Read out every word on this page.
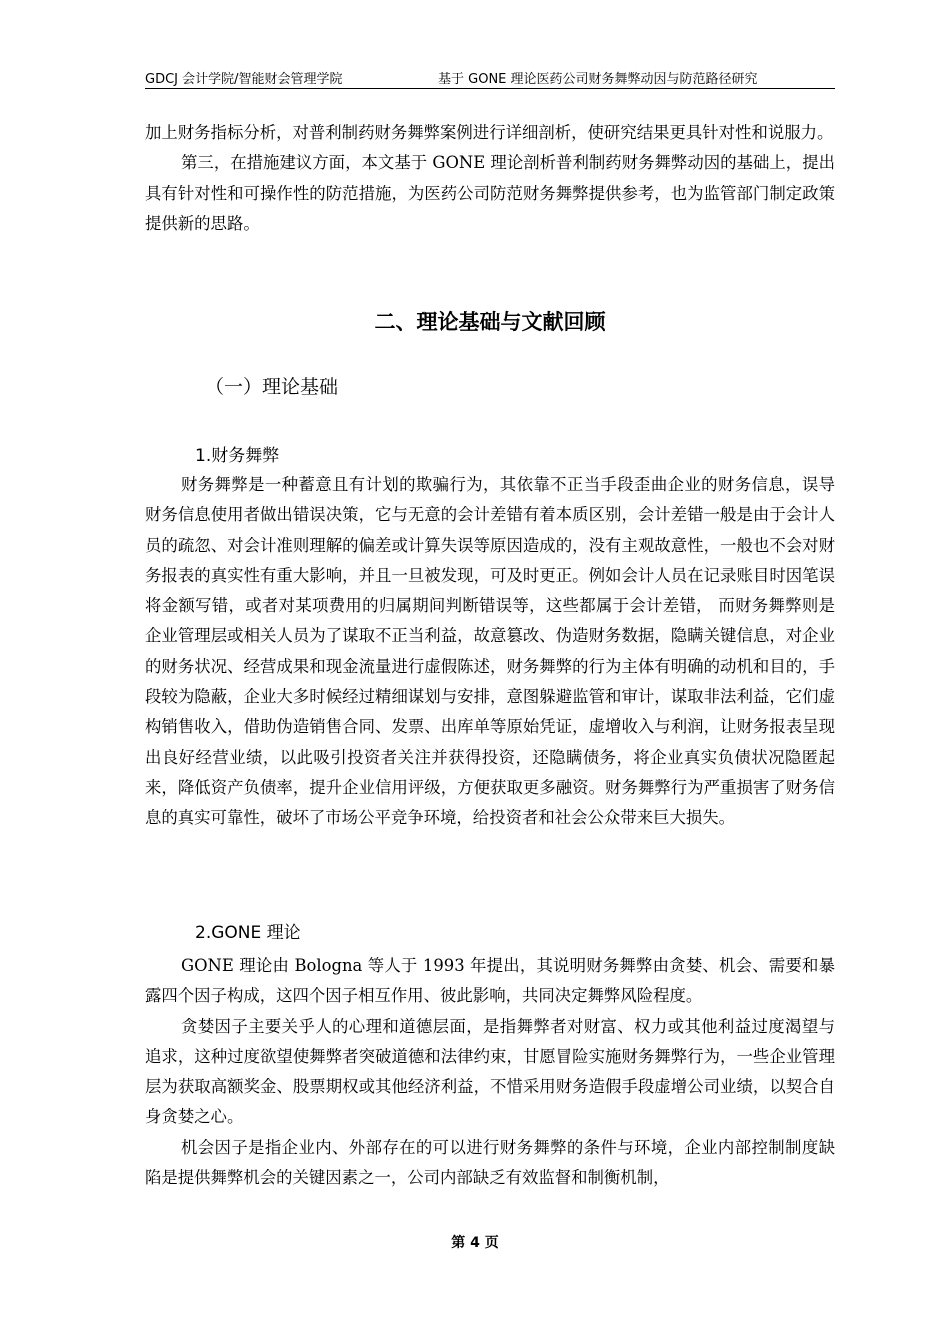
GDCJ 会计学院/智能财会管理学院	基于 GONE 理论医药公司财务舞弊动因与防范路径研究

加上财务指标分析，对普利制药财务舞弊案例进行详细剖析，使研究结果更具针对性和说服力。

第三，在措施建议方面，本文基于 GONE 理论剖析普利制药财务舞弊动因的基础上，提出具有针对性和可操作性的防范措施，为医药公司防范财务舞弊提供参考，也为监管部门制定政策提供新的思路。

二、理论基础与文献回顾
（一）理论基础
1.财务舞弊

财务舞弊是一种蓄意且有计划的欺骗行为，其依靠不正当手段歪曲企业的财务信息，误导财务信息使用者做出错误决策，它与无意的会计差错有着本质区别，会计差错一般是由于会计人员的疏忽、对会计准则理解的偏差或计算失误等原因造成的，没有主观故意性，一般也不会对财务报表的真实性有重大影响，并且一旦被发现，可及时更正。例如会计人员在记录账目时因笔误将金额写错，或者对某项费用的归属期间判断错误等，这些都属于会计差错， 而财务舞弊则是企业管理层或相关人员为了谋取不正当利益，故意篡改、伪造财务数据，隐瞒关键信息，对企业的财务状况、经营成果和现金流量进行虚假陈述，财务舞弊的行为主体有明确的动机和目的，手段较为隐蔽，企业大多时候经过精细谋划与安排，意图躲避监管和审计，谋取非法利益，它们虚构销售收入，借助伪造销售合同、发票、出库单等原始凭证，虚增收入与利润，让财务报表呈现出良好经营业绩，以此吸引投资者关注并获得投资，还隐瞒债务，将企业真实负债状况隐匿起来，降低资产负债率，提升企业信用评级，方便获取更多融资。财务舞弊行为严重损害了财务信息的真实可靠性，破坏了市场公平竞争环境，给投资者和社会公众带来巨大损失。

2.GONE 理论

GONE 理论由 Bologna 等人于 1993 年提出，其说明财务舞弊由贪婪、机会、需要和暴露四个因子构成，这四个因子相互作用、彼此影响，共同决定舞弊风险程度。

贪婪因子主要关乎人的心理和道德层面，是指舞弊者对财富、权力或其他利益过度渴望与追求，这种过度欲望使舞弊者突破道德和法律约束，甘愿冒险实施财务舞弊行为，一些企业管理层为获取高额奖金、股票期权或其他经济利益，不惜采用财务造假手段虚增公司业绩，以契合自身贪婪之心。

机会因子是指企业内、外部存在的可以进行财务舞弊的条件与环境，企业内部控制制度缺陷是提供舞弊机会的关键因素之一，公司内部缺乏有效监督和制衡机制，

第 4 页
